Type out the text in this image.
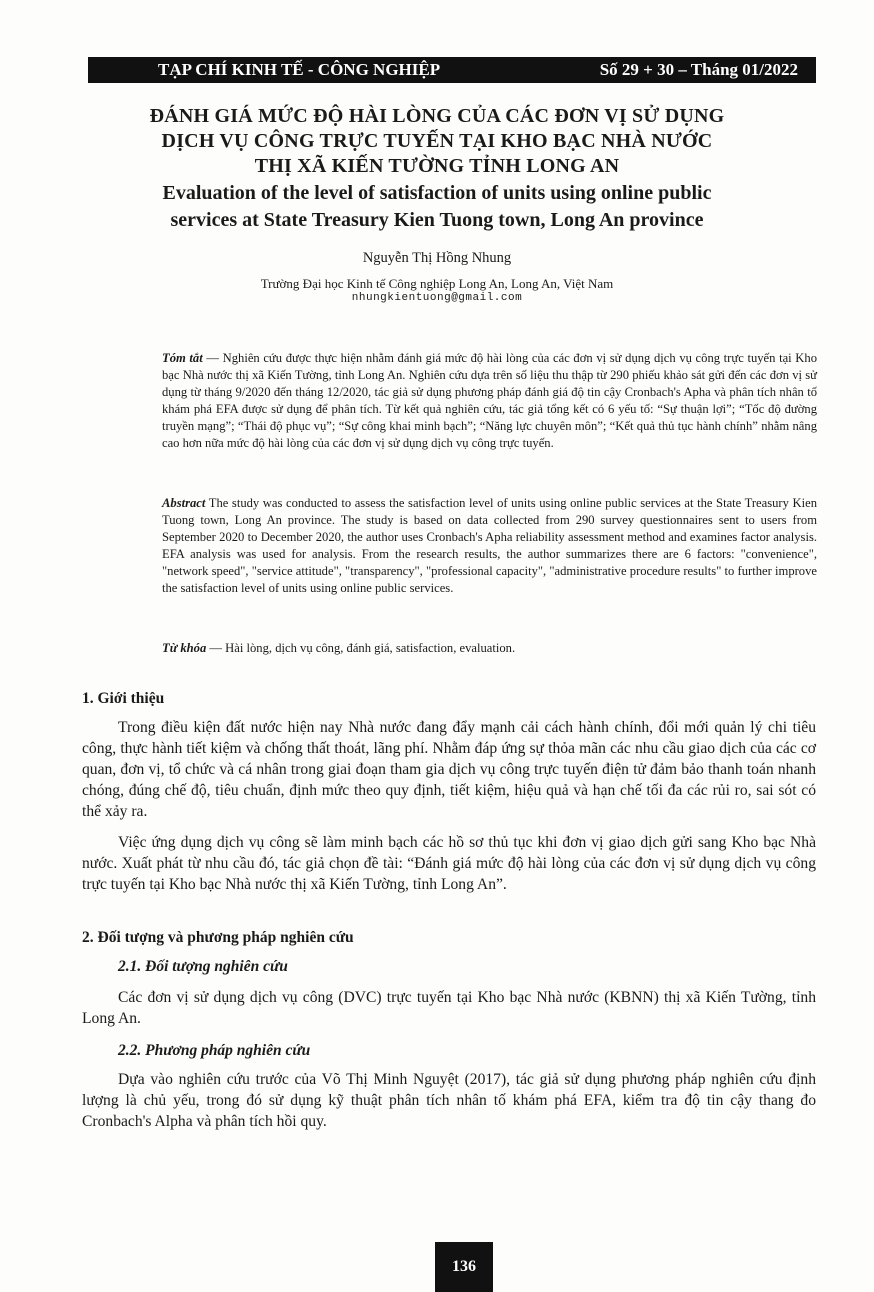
TẠP CHÍ KINH TẾ - CÔNG NGHIỆP	Số 29 + 30 – Tháng 01/2022
ĐÁNH GIÁ MỨC ĐỘ HÀI LÒNG CỦA CÁC ĐƠN VỊ SỬ DỤNG
DỊCH VỤ CÔNG TRỰC TUYẾN TẠI KHO BẠC NHÀ NƯỚC
THỊ XÃ KIẾN TƯỜNG TỈNH LONG AN
Evaluation of the level of satisfaction of units using online public
services at State Treasury Kien Tuong town, Long An province
Nguyễn Thị Hồng Nhung
Trường Đại học Kinh tế Công nghiệp Long An, Long An, Việt Nam
nhungkientuong@gmail.com
Tóm tắt — Nghiên cứu được thực hiện nhằm đánh giá mức độ hài lòng của các đơn vị sử dụng dịch vụ công trực tuyến tại Kho bạc Nhà nước thị xã Kiến Tường, tỉnh Long An. Nghiên cứu dựa trên số liệu thu thập từ 290 phiếu khảo sát gửi đến các đơn vị sử dụng từ tháng 9/2020 đến tháng 12/2020, tác giả sử dụng phương pháp đánh giá độ tin cậy Cronbach's Apha và phân tích nhân tố khám phá EFA được sử dụng để phân tích. Từ kết quả nghiên cứu, tác giả tổng kết có 6 yếu tố: “Sự thuận lợi”; “Tốc độ đường truyền mạng”; “Thái độ phục vụ”; “Sự công khai minh bạch”; “Năng lực chuyên môn”; “Kết quả thủ tục hành chính” nhằm nâng cao hơn nữa mức độ hài lòng của các đơn vị sử dụng dịch vụ công trực tuyến.
Abstract The study was conducted to assess the satisfaction level of units using online public services at the State Treasury Kien Tuong town, Long An province. The study is based on data collected from 290 survey questionnaires sent to users from September 2020 to December 2020, the author uses Cronbach's Apha reliability assessment method and examines factor analysis. EFA analysis was used for analysis. From the research results, the author summarizes there are 6 factors: "convenience", "network speed", "service attitude", "transparency", "professional capacity", "administrative procedure results" to further improve the satisfaction level of units using online public services.
Từ khóa — Hài lòng, dịch vụ công, đánh giá, satisfaction, evaluation.
1. Giới thiệu
Trong điều kiện đất nước hiện nay Nhà nước đang đẩy mạnh cải cách hành chính, đổi mới quản lý chi tiêu công, thực hành tiết kiệm và chống thất thoát, lãng phí. Nhằm đáp ứng sự thỏa mãn các nhu cầu giao dịch của các cơ quan, đơn vị, tổ chức và cá nhân trong giai đoạn tham gia dịch vụ công trực tuyến điện tử đảm bảo thanh toán nhanh chóng, đúng chế độ, tiêu chuẩn, định mức theo quy định, tiết kiệm, hiệu quả và hạn chế tối đa các rủi ro, sai sót có thể xảy ra.
Việc ứng dụng dịch vụ công sẽ làm minh bạch các hồ sơ thủ tục khi đơn vị giao dịch gửi sang Kho bạc Nhà nước. Xuất phát từ nhu cầu đó, tác giả chọn đề tài: “Đánh giá mức độ hài lòng của các đơn vị sử dụng dịch vụ công trực tuyến tại Kho bạc Nhà nước thị xã Kiến Tường, tỉnh Long An”.
2. Đối tượng và phương pháp nghiên cứu
2.1. Đối tượng nghiên cứu
Các đơn vị sử dụng dịch vụ công (DVC) trực tuyến tại Kho bạc Nhà nước (KBNN) thị xã Kiến Tường, tỉnh Long An.
2.2. Phương pháp nghiên cứu
Dựa vào nghiên cứu trước của Võ Thị Minh Nguyệt (2017), tác giả sử dụng phương pháp nghiên cứu định lượng là chủ yếu, trong đó sử dụng kỹ thuật phân tích nhân tố khám phá EFA, kiểm tra độ tin cậy thang đo Cronbach's Alpha và phân tích hồi quy.
136
